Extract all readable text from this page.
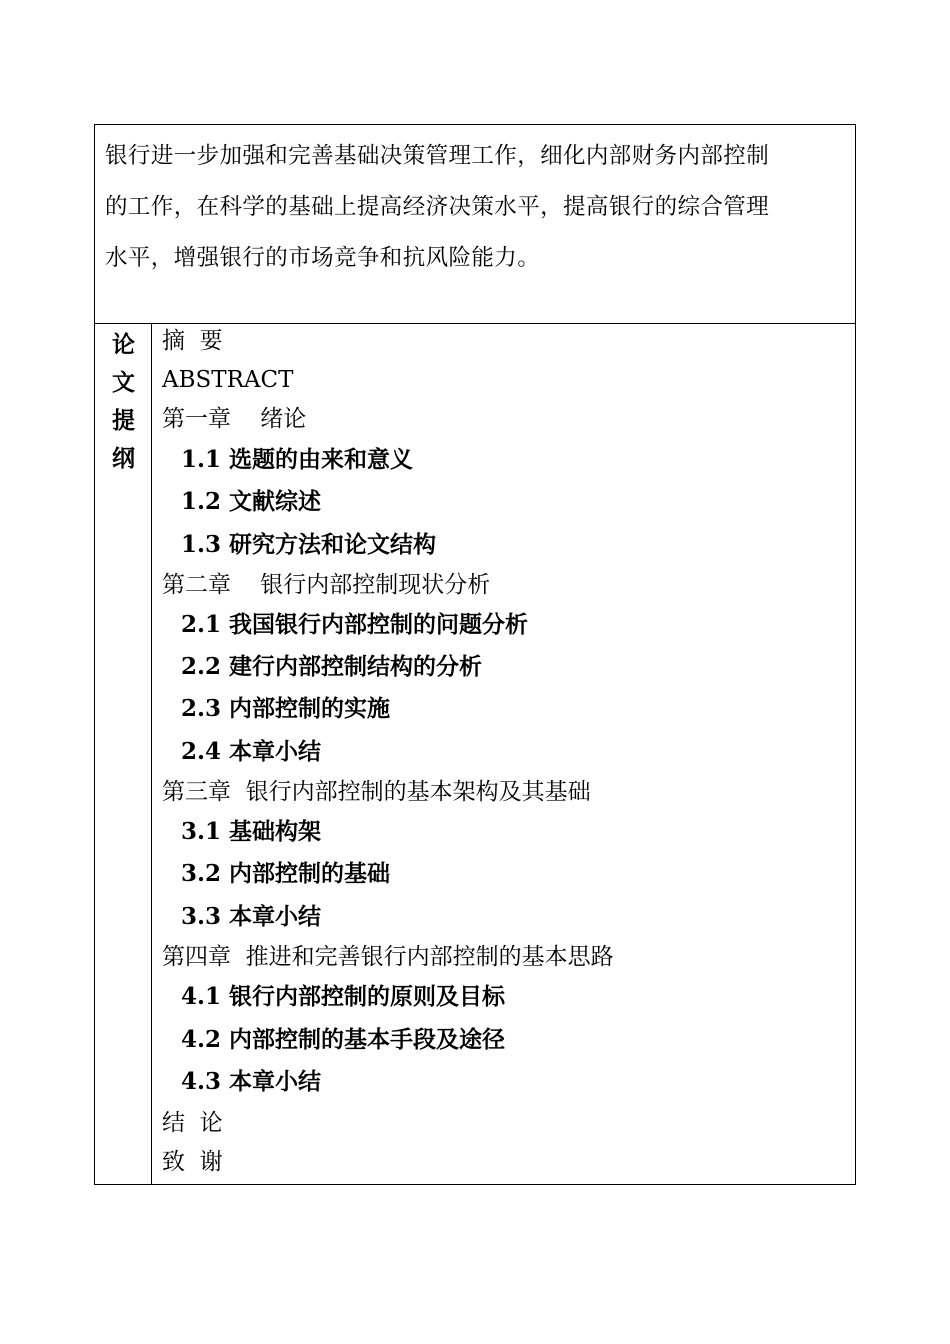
银行进一步加强和完善基础决策管理工作，细化内部财务内部控制
的工作，在科学的基础上提高经济决策水平，提高银行的综合管理
水平，增强银行的市场竞争和抗风险能力。
论
文
提
纲
摘  要
ABSTRACT
第一章    绪论
1.1 选题的由来和意义
1.2 文献综述
1.3 研究方法和论文结构
第二章    银行内部控制现状分析
2.1 我国银行内部控制的问题分析
2.2 建行内部控制结构的分析
2.3 内部控制的实施
2.4 本章小结
第三章  银行内部控制的基本架构及其基础
3.1 基础构架
3.2 内部控制的基础
3.3 本章小结
第四章  推进和完善银行内部控制的基本思路
4.1 银行内部控制的原则及目标
4.2 内部控制的基本手段及途径
4.3 本章小结
结  论
致  谢
